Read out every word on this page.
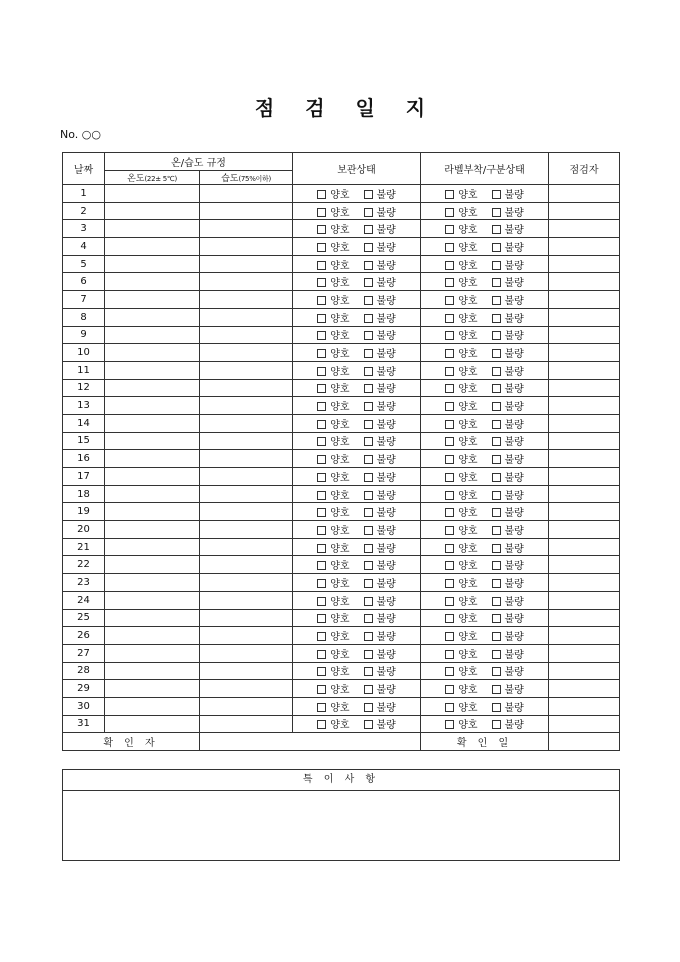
점 검 일 지
No. ○○
날짜	온/습도 규정		보관상태	라벨부착/구분상태	점검자
	온도(22± 5℃)	습도(75%이하)			
1			양호 불량	양호 불량	
2			양호 불량	양호 불량	
3			양호 불량	양호 불량	
4			양호 불량	양호 불량	
5			양호 불량	양호 불량	
6			양호 불량	양호 불량	
7			양호 불량	양호 불량	
8			양호 불량	양호 불량	
9			양호 불량	양호 불량	
10			양호 불량	양호 불량	
11			양호 불량	양호 불량	
12			양호 불량	양호 불량	
13			양호 불량	양호 불량	
14			양호 불량	양호 불량	
15			양호 불량	양호 불량	
16			양호 불량	양호 불량	
17			양호 불량	양호 불량	
18			양호 불량	양호 불량	
19			양호 불량	양호 불량	
20			양호 불량	양호 불량	
21			양호 불량	양호 불량	
22			양호 불량	양호 불량	
23			양호 불량	양호 불량	
24			양호 불량	양호 불량	
25			양호 불량	양호 불량	
26			양호 불량	양호 불량	
27			양호 불량	양호 불량	
28			양호 불량	양호 불량	
29			양호 불량	양호 불량	
30			양호 불량	양호 불량	
31			양호 불량	양호 불량	
확 인 자				확 인 일	
특 이 사 항
